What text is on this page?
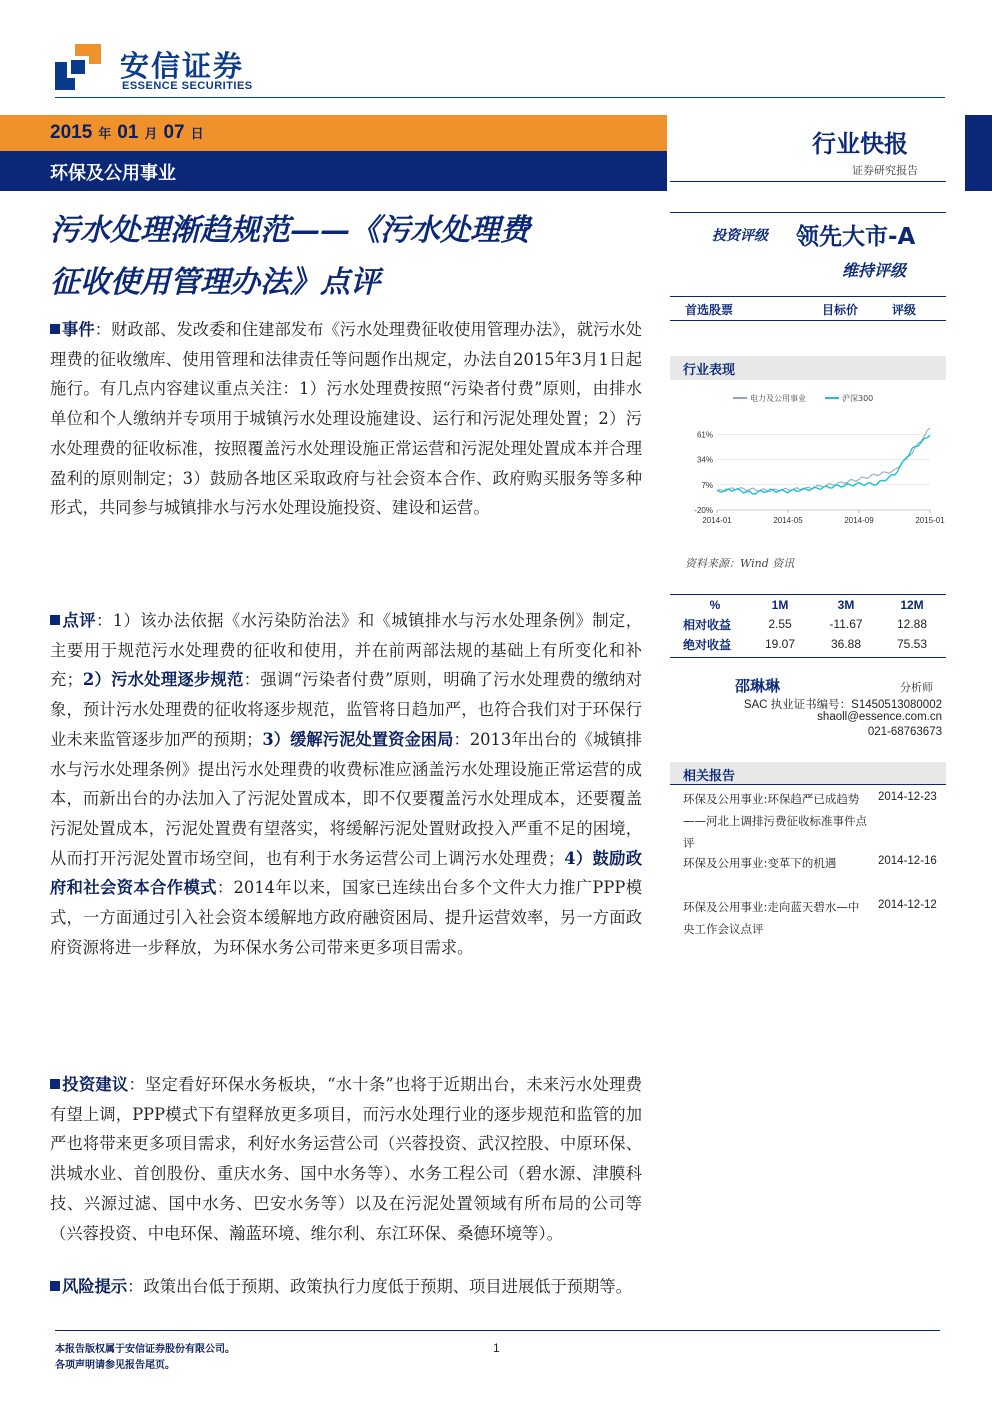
安信证券
ESSENCE SECURITIES
2015 年 01 月 07 日
环保及公用事业
行业快报
证券研究报告
污水处理渐趋规范——《污水处理费
征收使用管理办法》点评
事件：财政部、发改委和住建部发布《污水处理费征收使用管理办法》，就污水处理费的征收缴库、使用管理和法律责任等问题作出规定，办法自2015年3月1日起施行。有几点内容建议重点关注：1）污水处理费按照“污染者付费”原则，由排水单位和个人缴纳并专项用于城镇污水处理设施建设、运行和污泥处理处置；2）污水处理费的征收标准，按照覆盖污水处理设施正常运营和污泥处理处置成本并合理盈利的原则制定；3）鼓励各地区采取政府与社会资本合作、政府购买服务等多种形式，共同参与城镇排水与污水处理设施投资、建设和运营。
点评：1）该办法依据《水污染防治法》和《城镇排水与污水处理条例》制定，主要用于规范污水处理费的征收和使用，并在前两部法规的基础上有所变化和补充；2）污水处理逐步规范：强调“污染者付费”原则，明确了污水处理费的缴纳对象，预计污水处理费的征收将逐步规范，监管将日趋加严，也符合我们对于环保行业未来监管逐步加严的预期；3）缓解污泥处置资金困局：2013年出台的《城镇排水与污水处理条例》提出污水处理费的收费标准应涵盖污水处理设施正常运营的成本，而新出台的办法加入了污泥处置成本，即不仅要覆盖污水处理成本，还要覆盖污泥处置成本，污泥处置费有望落实，将缓解污泥处置财政投入严重不足的困境，从而打开污泥处置市场空间，也有利于水务运营公司上调污水处理费；4）鼓励政府和社会资本合作模式：2014年以来，国家已连续出台多个文件大力推广PPP模式，一方面通过引入社会资本缓解地方政府融资困局、提升运营效率，另一方面政府资源将进一步释放，为环保水务公司带来更多项目需求。
投资建议：坚定看好环保水务板块，“水十条”也将于近期出台，未来污水处理费有望上调，PPP模式下有望释放更多项目，而污水处理行业的逐步规范和监管的加严也将带来更多项目需求，利好水务运营公司（兴蓉投资、武汉控股、中原环保、洪城水业、首创股份、重庆水务、国中水务等）、水务工程公司（碧水源、津膜科技、兴源过滤、国中水务、巴安水务等）以及在污泥处置领域有所布局的公司等（兴蓉投资、中电环保、瀚蓝环境、维尔利、东江环保、桑德环境等）。
风险提示：政策出台低于预期、政策执行力度低于预期、项目进展低于预期等。
投资评级 领先大市-A
维持评级
首选股票	目标价	评级
行业表现
61%
34%
7%
-20%
2014-01	2014-05	2014-09	2015-01
电力及公用事业	沪深300
资料来源：Wind 资讯
%	1M	3M	12M
相对收益	2.55	-11.67	12.88
绝对收益	19.07	36.88	75.53
邵琳琳	分析师
SAC 执业证书编号：S1450513080002
shaoll@essence.com.cn
021-68763673
相关报告
环保及公用事业:环保趋严已成趋势——河北上调排污费征收标准事件点评
2014-12-23
环保及公用事业:变革下的机遇	2014-12-16
环保及公用事业:走向蓝天碧水—中央工作会议点评
2014-12-12
本报告版权属于安信证券股份有限公司。
各项声明请参见报告尾页。
1
